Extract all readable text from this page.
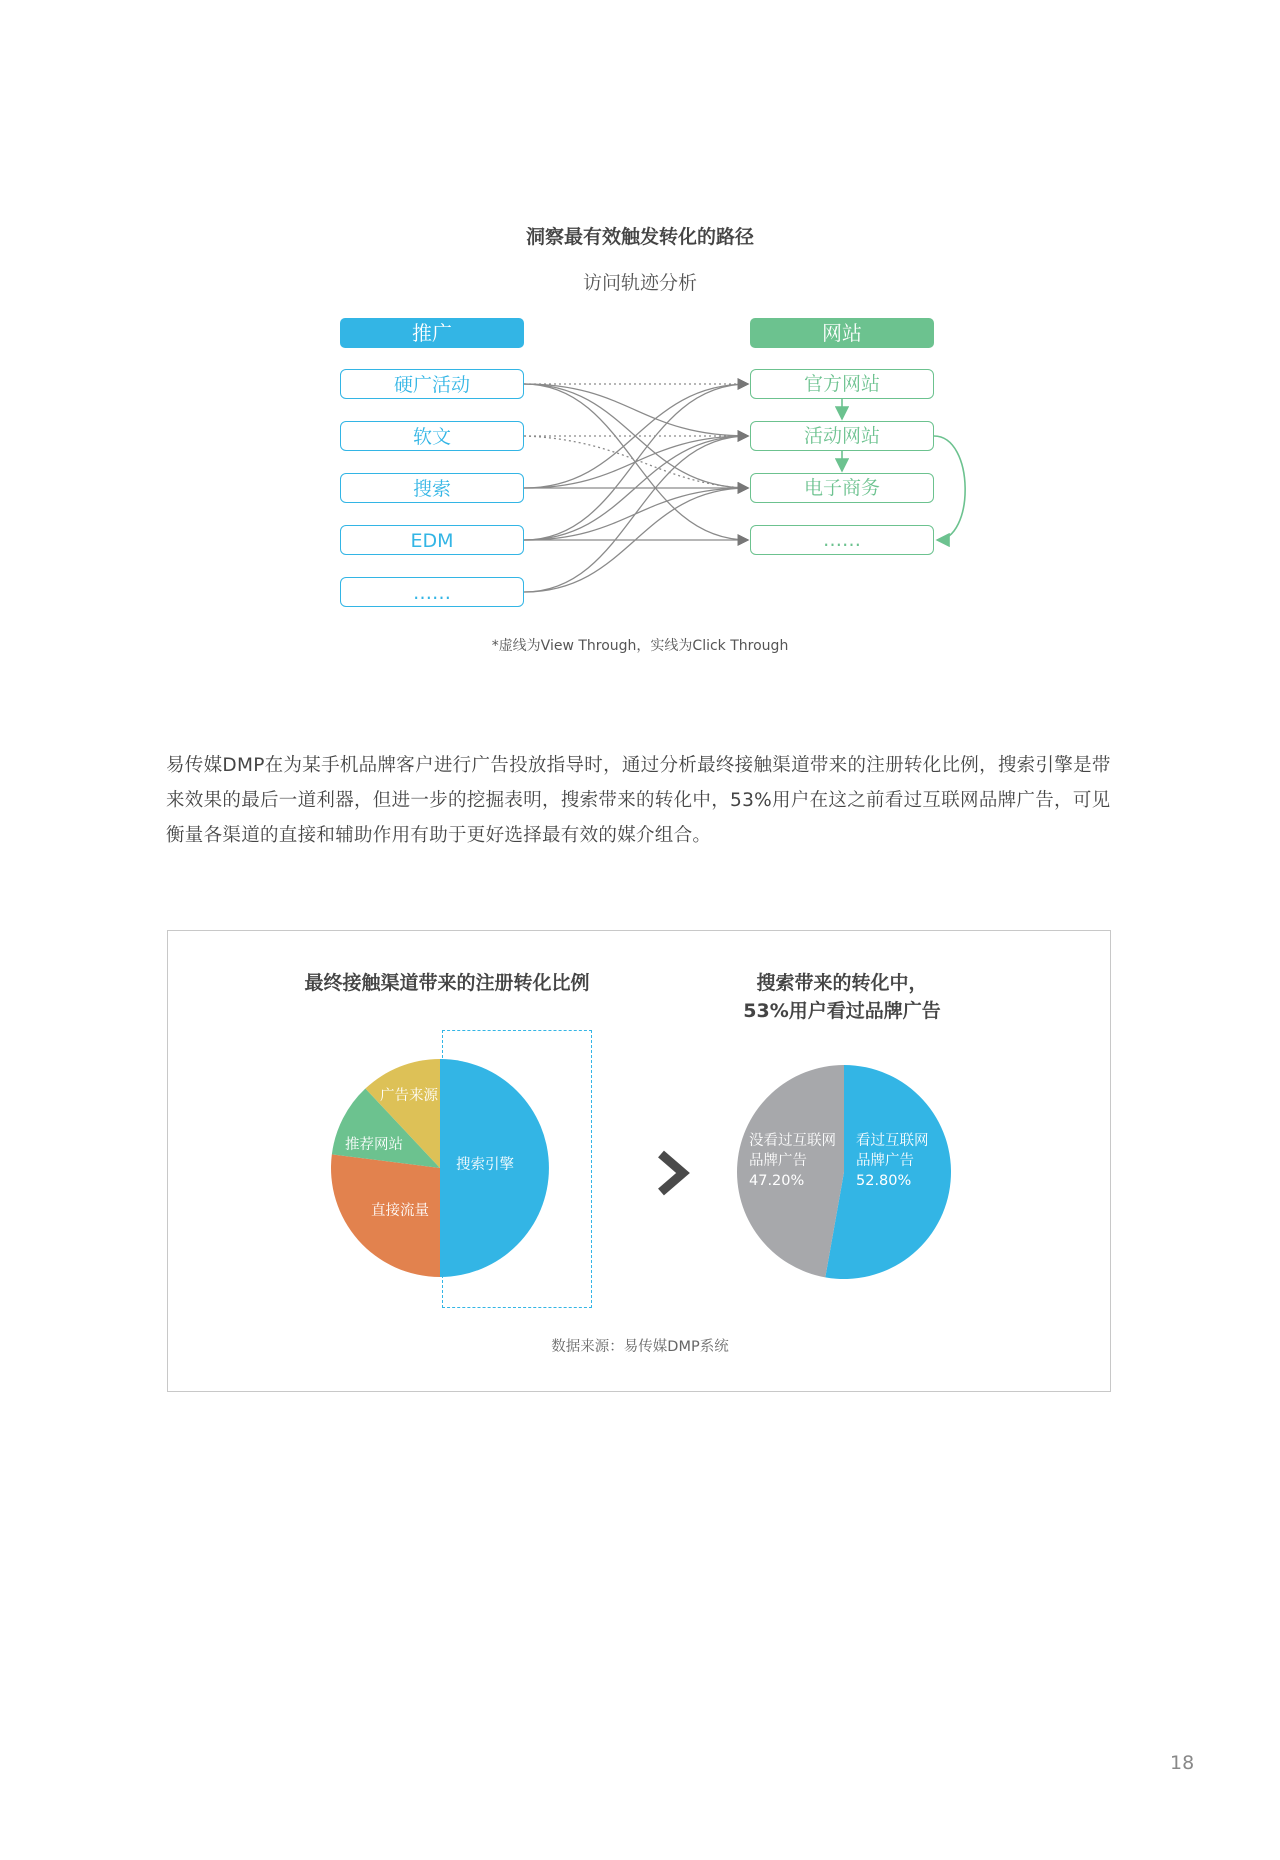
洞察最有效触发转化的路径
访问轨迹分析
推广	网站
硬广活动
软文
搜索
EDM
……
官方网站
活动网站
电子商务
……
*虚线为View Through，实线为Click Through
易传媒DMP在为某手机品牌客户进行广告投放指导时，通过分析最终接触渠道带来的注册转化比例，搜索引擎是带来效果的最后一道利器，但进一步的挖掘表明，搜索带来的转化中，53%用户在这之前看过互联网品牌广告，可见衡量各渠道的直接和辅助作用有助于更好选择最有效的媒介组合。
最终接触渠道带来的注册转化比例	搜索带来的转化中，
53%用户看过品牌广告
搜索引擎
直接流量
推荐网站
广告来源
看过互联网
品牌广告
52.80%
没看过互联网
品牌广告
47.20%
数据来源：易传媒DMP系统
18
